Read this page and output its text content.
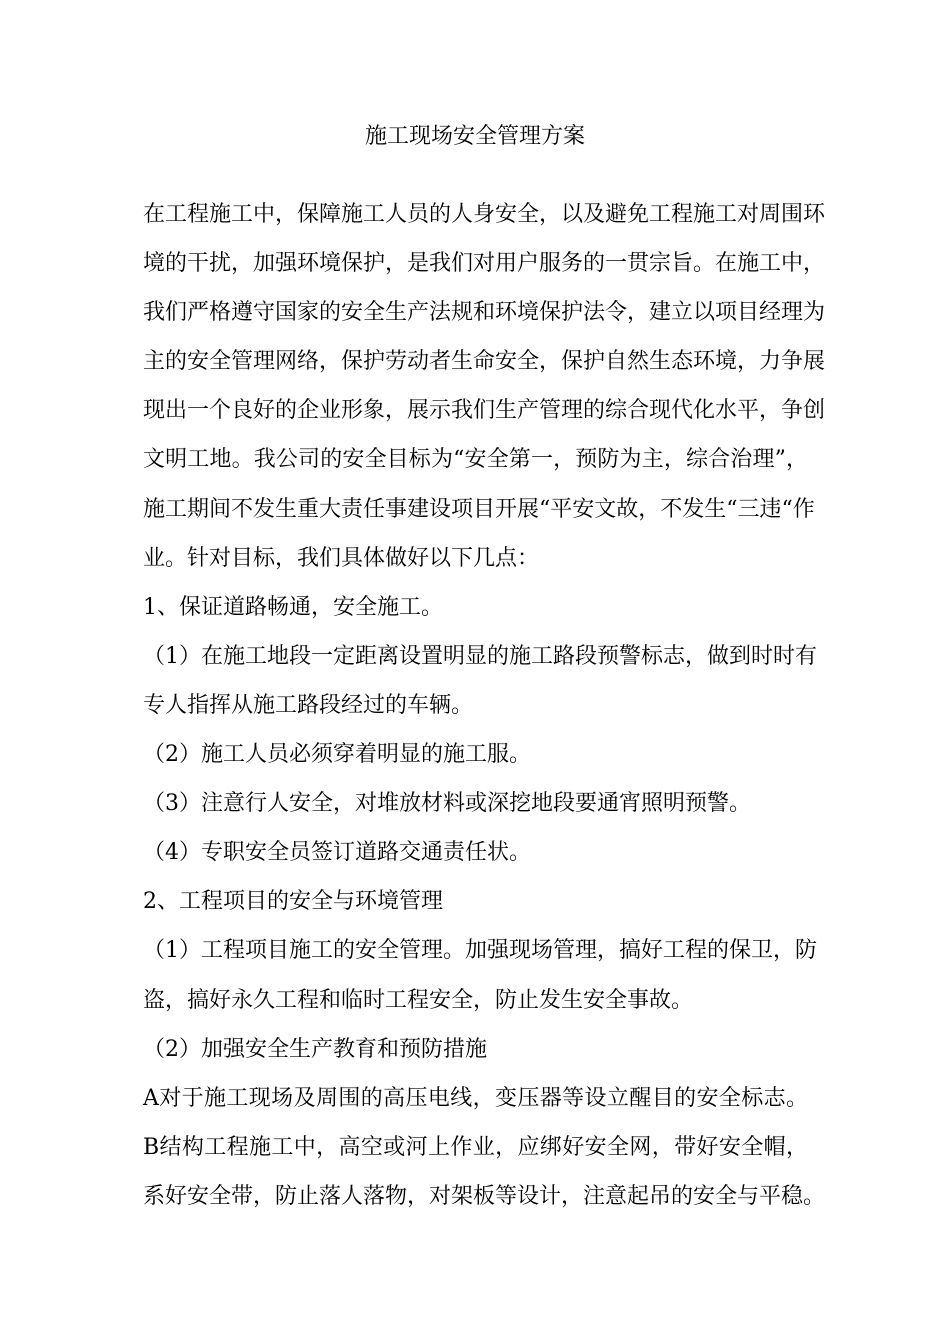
施工现场安全管理方案
在工程施工中，保障施工人员的人身安全，以及避免工程施工对周围环
境的干扰，加强环境保护，是我们对用户服务的一贯宗旨。在施工中，
我们严格遵守国家的安全生产法规和环境保护法令，建立以项目经理为
主的安全管理网络，保护劳动者生命安全，保护自然生态环境，力争展
现出一个良好的企业形象，展示我们生产管理的综合现代化水平，争创
文明工地。我公司的安全目标为“安全第一，预防为主，综合治理”，
施工期间不发生重大责任事建设项目开展“平安文故，不发生“三违“作
业。针对目标，我们具体做好以下几点：
1、保证道路畅通，安全施工。
（1）在施工地段一定距离设置明显的施工路段预警标志，做到时时有
专人指挥从施工路段经过的车辆。
（2）施工人员必须穿着明显的施工服。
（3）注意行人安全，对堆放材料或深挖地段要通宵照明预警。
（4）专职安全员签订道路交通责任状。
2、工程项目的安全与环境管理
（1）工程项目施工的安全管理。加强现场管理，搞好工程的保卫，防
盗，搞好永久工程和临时工程安全，防止发生安全事故。
（2）加强安全生产教育和预防措施
A对于施工现场及周围的高压电线，变压器等设立醒目的安全标志。
B结构工程施工中，高空或河上作业，应绑好安全网，带好安全帽，
系好安全带，防止落人落物，对架板等设计，注意起吊的安全与平稳。
